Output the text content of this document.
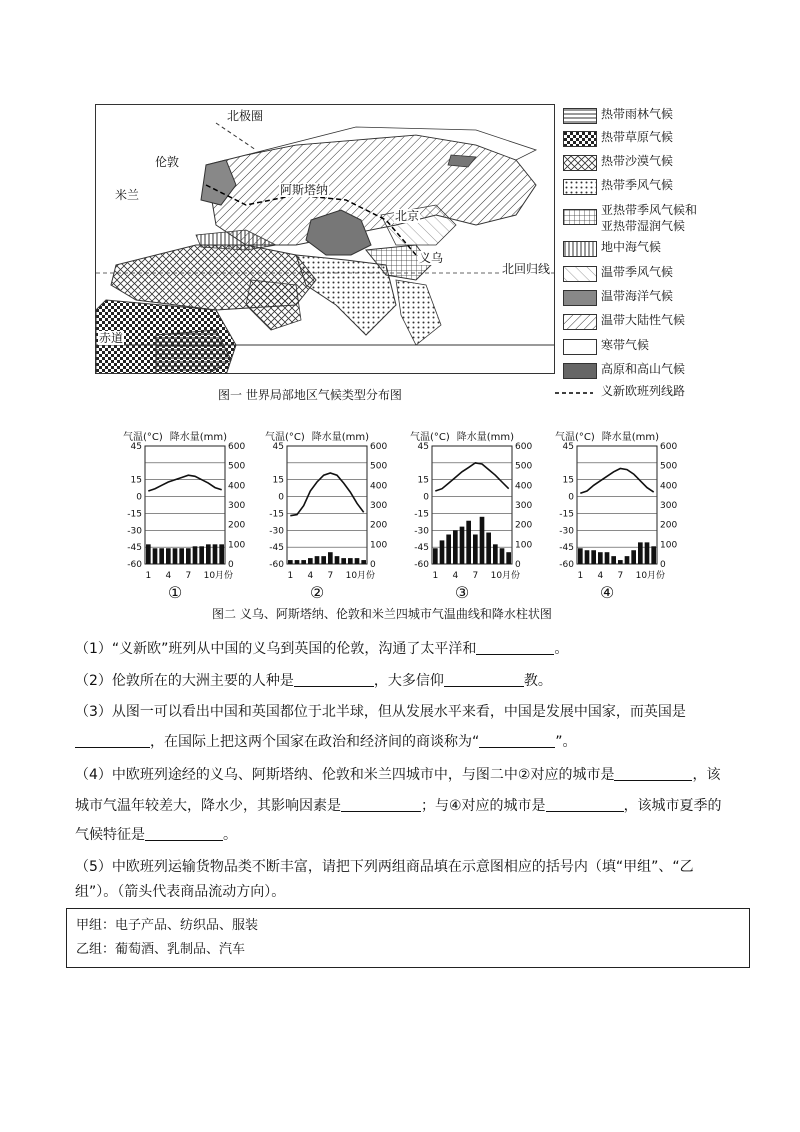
北极圈
伦敦
米兰	阿斯塔纳
北京
义乌
北回归线
赤道
热带雨林气候
热带草原气候
热带沙漠气候
热带季风气候
亚热带季风气候和
亚热带湿润气候
地中海气候
温带季风气候
温带海洋气候
温带大陆性气候
寒带气候
高原和高山气候
义新欧班列线路
图一 世界局部地区气候类型分布图
45
15
0
-15
-30
-45
-60
600
500
400
300
200
100
0
1 4 7 10月份
气温(°C) 降水量(mm)
①
45
15
0
-15
-30
-45
-60
600
500
400
300
200
100
0
1 4 7 10月份
气温(°C) 降水量(mm)
②
45
15
0
-15
-30
-45
-60
600
500
400
300
200
100
0
1 4 7 10月份
气温(°C) 降水量(mm)
③
45
15
0
-15
-30
-45
-60
600
500
400
300
200
100
0
1 4 7 10月份
气温(°C) 降水量(mm)
④
图二 义乌、阿斯塔纳、伦敦和米兰四城市气温曲线和降水柱状图
（1）“义新欧”班列从中国的义乌到英国的伦敦，沟通了太平洋和	。
（2）伦敦所在的大洲主要的人种是	，大多信仰	教。
（3）从图一可以看出中国和英国都位于北半球，但从发展水平来看，中国是发展中国家，而英国是
，在国际上把这两个国家在政治和经济间的商谈称为“	”。
（4）中欧班列途经的义乌、阿斯塔纳、伦敦和米兰四城市中，与图二中②对应的城市是	，该
城市气温年较差大，降水少，其影响因素是	；与④对应的城市是	，该城市夏季的
气候特征是	。
（5）中欧班列运输货物品类不断丰富，请把下列两组商品填在示意图相应的括号内（填“甲组”、“乙
组”）。（箭头代表商品流动方向）。
甲组：电子产品、纺织品、服装
乙组：葡萄酒、乳制品、汽车
